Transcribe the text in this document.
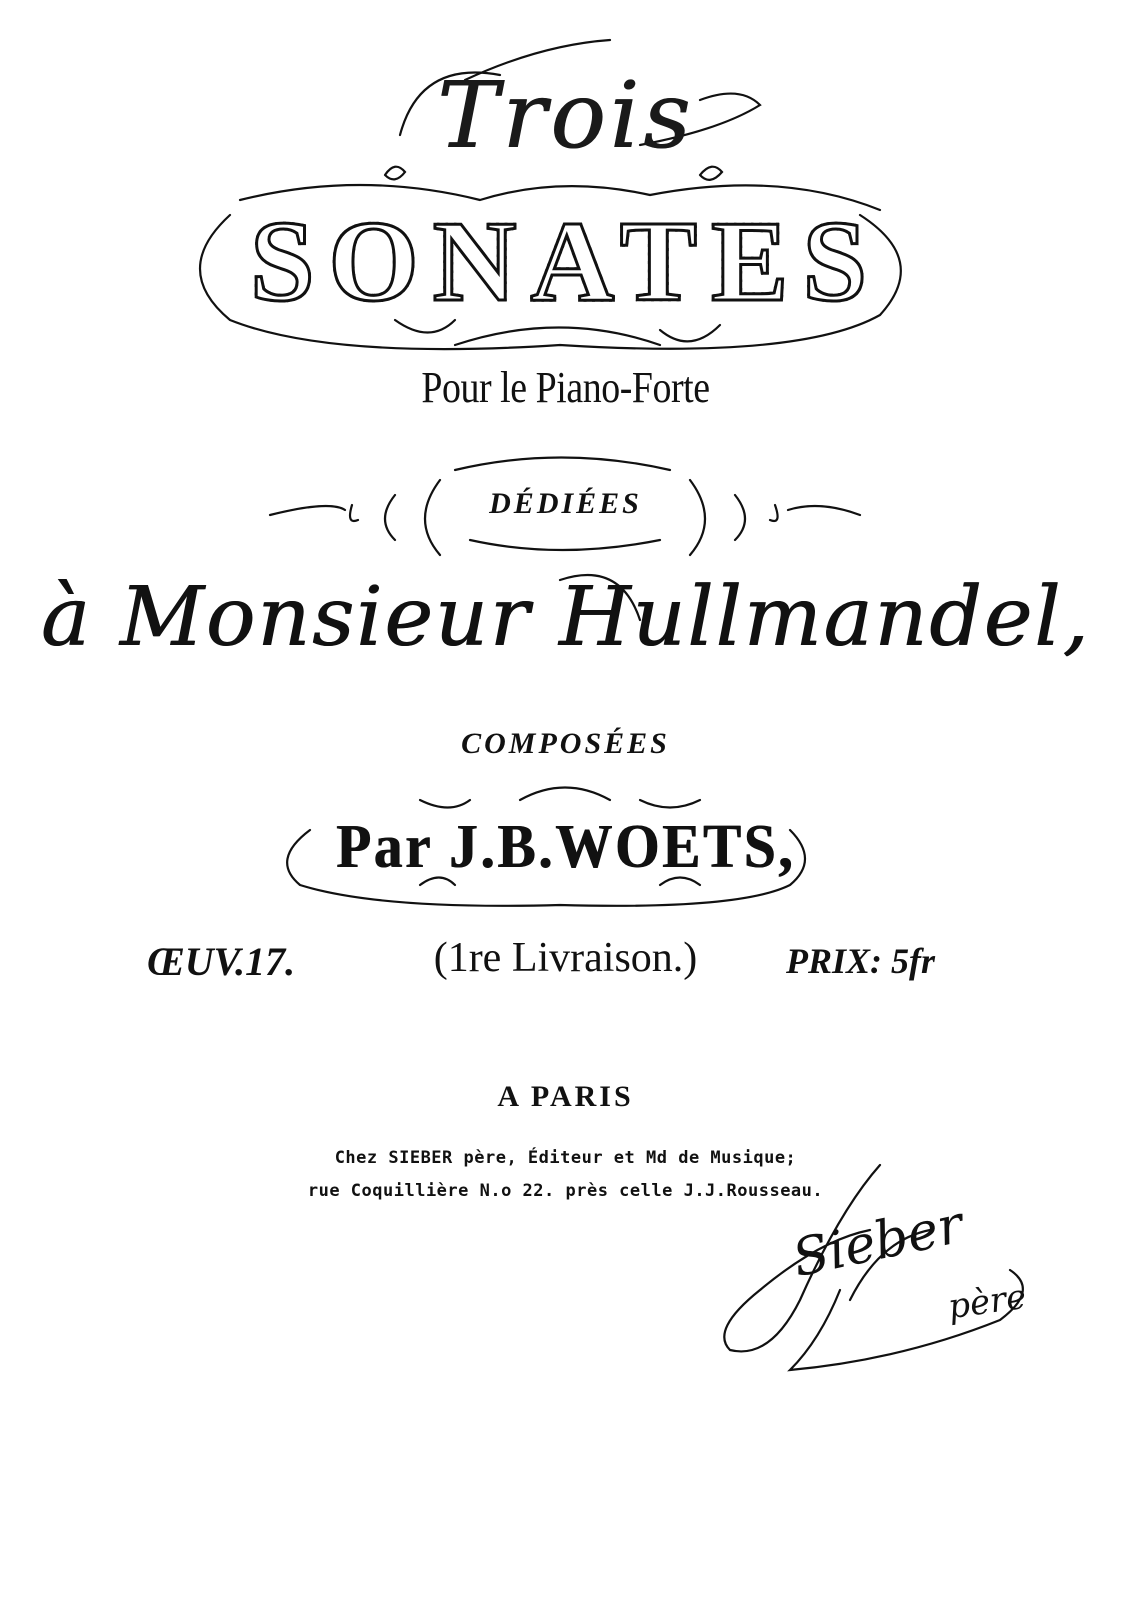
Trois
SONATES
Pour le Piano-Forte
DÉDIÉES
à Monsieur Hullmandel,
COMPOSÉES
Par J.B.WOETS,
ŒUV.17.	(1re Livraison.)	PRIX: 5fr
A PARIS
Chez SIEBER père, Éditeur et Md de Musique;
rue Coquillière N.o 22. près celle J.J.Rousseau.
Sieber
père
